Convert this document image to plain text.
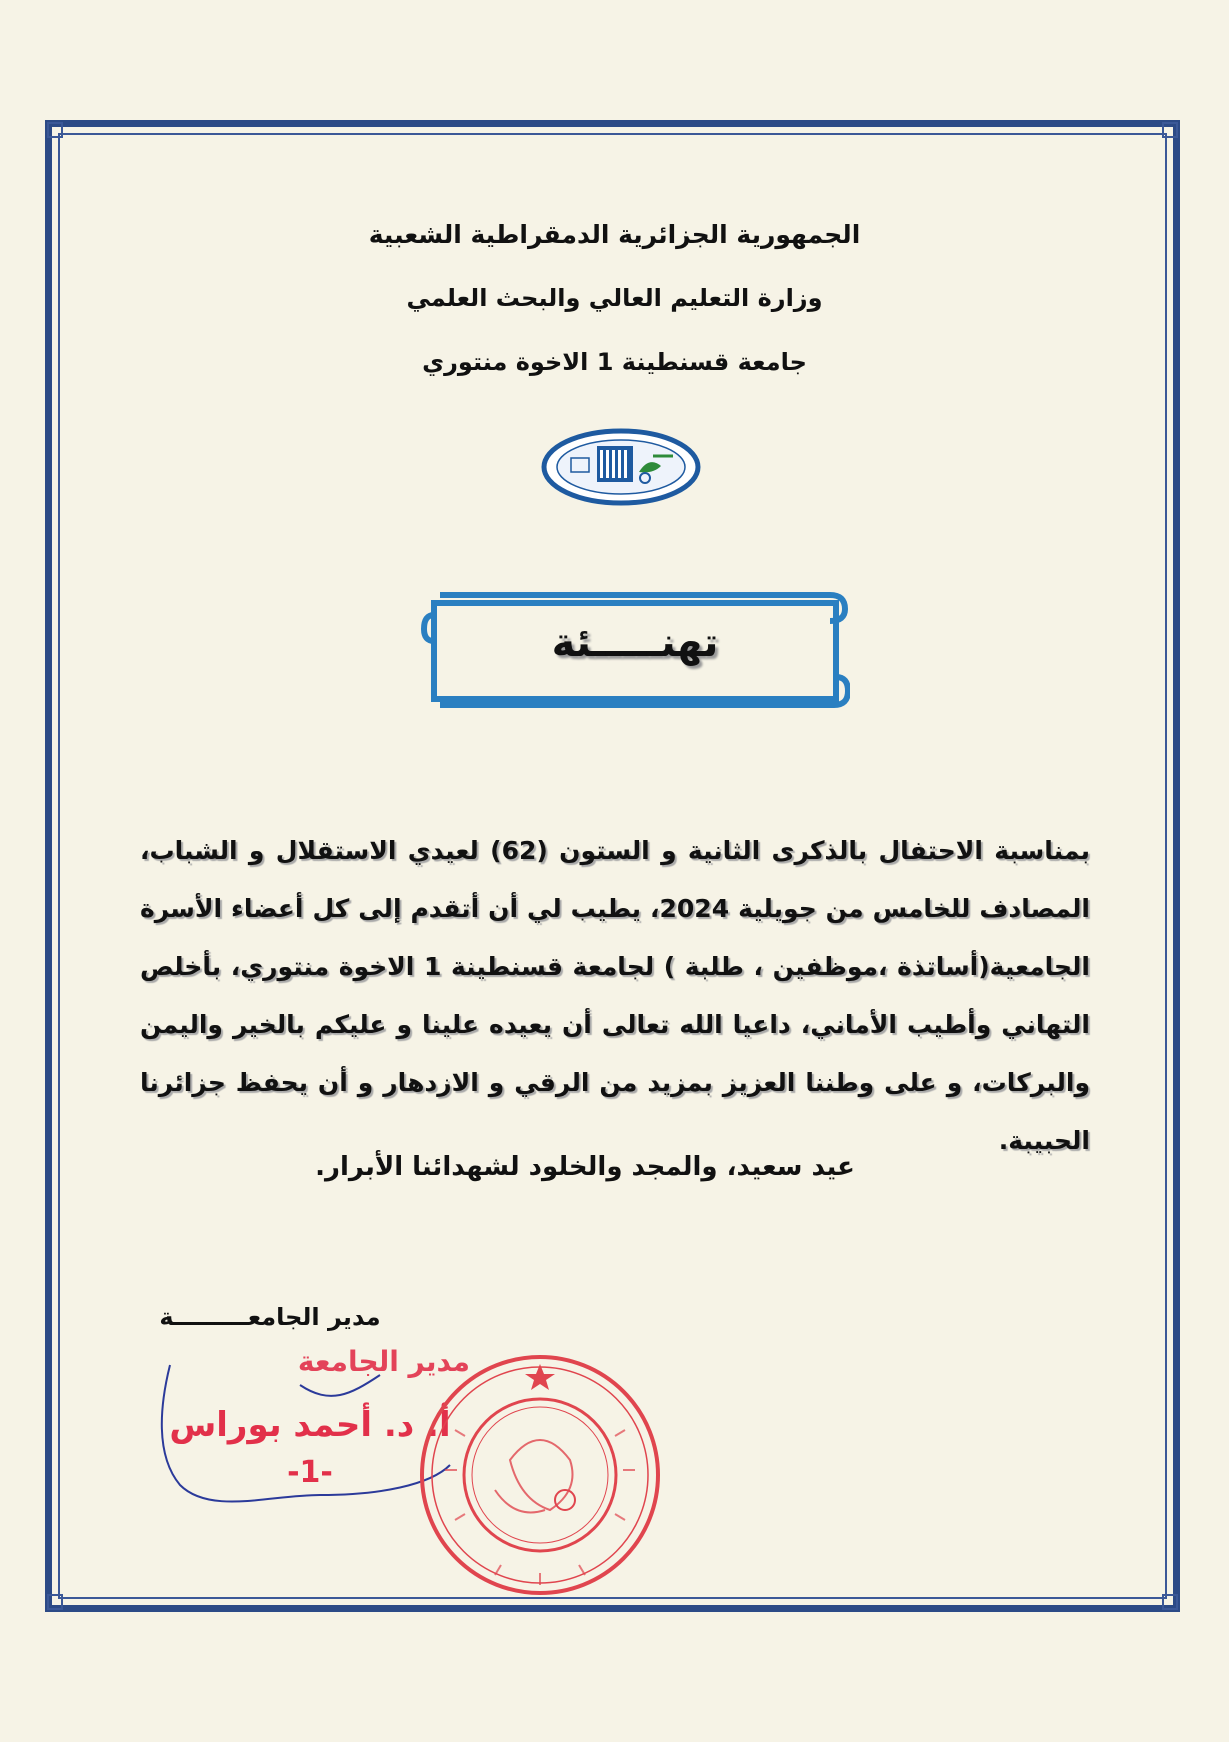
الجمهورية الجزائرية الدمقراطية الشعبية
وزارة التعليم العالي والبحث العلمي
جامعة قسنطينة 1 الاخوة منتوري
تهنـــــئة
بمناسبة الاحتفال بالذكرى الثانية و الستون (62) لعيدي الاستقلال و الشباب، المصادف للخامس من جويلية 2024، يطيب لي أن أتقدم إلى كل أعضاء الأسرة الجامعية(أساتذة ،موظفين ، طلبة ) لجامعة قسنطينة 1 الاخوة منتوري، بأخلص التهاني وأطيب الأماني، داعيا الله تعالى أن يعيده علينا و عليكم بالخير واليمن والبركات، و على وطننا العزيز بمزيد من الرقي و الازدهار و أن يحفظ جزائرنا الحبيبة.
عيد سعيد، والمجد والخلود لشهدائنا الأبرار.
مدير الجامعـــــــــة
مدير الجامعة
أ. د. أحمد بوراس
-1-
